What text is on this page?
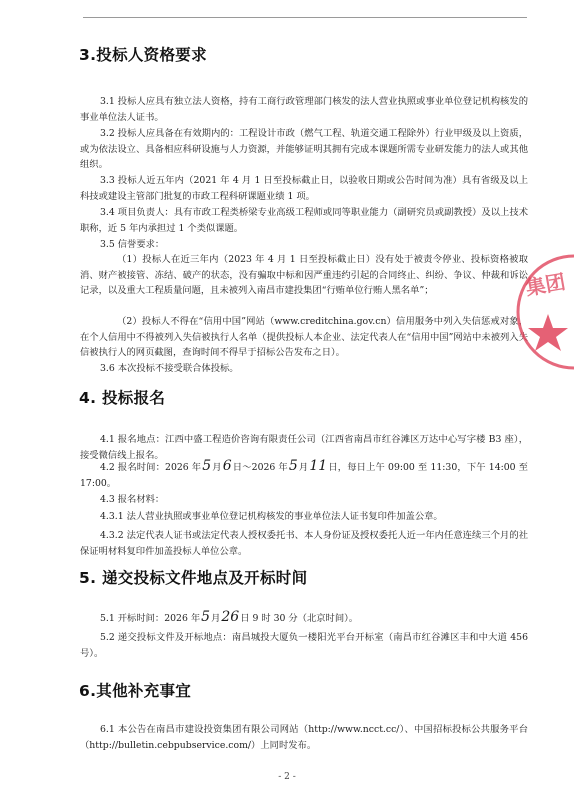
3.投标人资格要求

3.1 投标人应具有独立法人资格，持有工商行政管理部门核发的法人营业执照或事业单位登记机构核发的事业单位法人证书。

3.2 投标人应具备在有效期内的：工程设计市政（燃气工程、轨道交通工程除外）行业甲级及以上资质，或为依法设立、具备相应科研设施与人力资源，并能够证明其拥有完成本课题所需专业研发能力的法人或其他组织。

3.3 投标人近五年内（2021 年 4 月 1 日至投标截止日，以验收日期或公告时间为准）具有省级及以上科技或建设主管部门批复的市政工程科研课题业绩 1 项。

3.4 项目负责人：具有市政工程类桥梁专业高级工程师或同等职业能力（副研究员或副教授）及以上技术职称，近 5 年内承担过 1 个类似课题。

3.5 信誉要求：

（1）投标人在近三年内（2023 年 4 月 1 日至投标截止日）没有处于被责令停业、投标资格被取消、财产被接管、冻结、破产的状态，没有骗取中标和因严重违约引起的合同终止、纠纷、争议、仲裁和诉讼记录，以及重大工程质量问题，且未被列入南昌市建投集团“行贿单位行贿人黑名单”；

（2）投标人不得在“信用中国”网站（www.creditchina.gov.cn）信用服务中列入失信惩戒对象，在个人信用中不得被列入失信被执行人名单（提供投标人本企业、法定代表人在“信用中国”网站中未被列入失信被执行人的网页截图，查询时间不得早于招标公告发布之日）。

3.6 本次投标不接受联合体投标。

4. 投标报名

4.1 报名地点：江西中盛工程造价咨询有限责任公司（江西省南昌市红谷滩区万达中心写字楼 B3 座），接受微信线上报名。

4.2 报名时间：2026 年5月6日～2026 年5月11日，每日上午 09:00 至 11:30，下午 14:00 至 17:00。

4.3 报名材料：

4.3.1 法人营业执照或事业单位登记机构核发的事业单位法人证书复印件加盖公章。

4.3.2 法定代表人证书或法定代表人授权委托书、本人身份证及授权委托人近一年内任意连续三个月的社保证明材料复印件加盖投标人单位公章。

5. 递交投标文件地点及开标时间

5.1 开标时间：2026 年5月26日 9 时 30 分（北京时间）。

5.2 递交投标文件及开标地点：南昌城投大厦负一楼阳光平台开标室（南昌市红谷滩区丰和中大道 456 号）。

6.其他补充事宜

6.1 本公告在南昌市建设投资集团有限公司网站（http://www.ncct.cc/）、中国招标投标公共服务平台（http://bulletin.cebpubservice.com/）上同时发布。

- 2 -
集团
